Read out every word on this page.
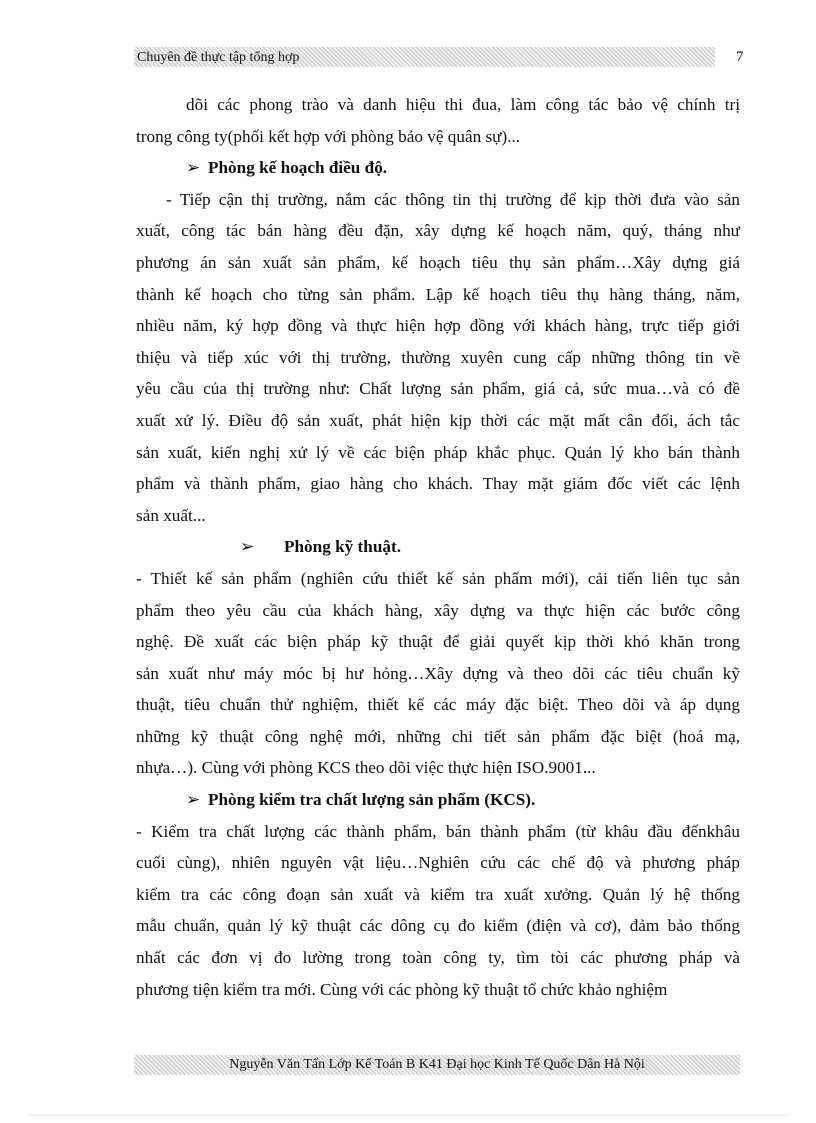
Chuyên đề thực tập tổng hợp	7

dõi các phong trào và danh hiệu thi đua, làm công tác bảo vệ chính trị

trong công ty(phối kết hợp với phòng bảo vệ quân sự)...

➢ Phòng kế hoạch điều độ.

- Tiếp cận thị trường, nắm các thông tin thị trường để kịp thời đưa vào sản

xuất, công tác bán hàng đều đặn, xây dựng kế hoạch năm, quý, tháng như

phương án sản xuất sản phẩm, kế hoạch tiêu thụ sản phẩm…Xây dựng giá

thành kế hoạch cho từng sản phẩm. Lập kế hoạch tiêu thụ hàng tháng, năm,

nhiều năm, ký hợp đồng và thực hiện hợp đồng với khách hàng, trực tiếp giới

thiệu và tiếp xúc với thị trường, thường xuyên cung cấp những thông tin về

yêu cầu của thị trường như: Chất lượng sản phẩm, giá cả, sức mua…và có đề

xuất xử lý. Điều độ sản xuất, phát hiện kịp thời các mặt mất cân đối, ách tắc

sản xuất, kiến nghị xử lý về các biện pháp khắc phục. Quản lý kho bán thành

phẩm và thành phẩm, giao hàng cho khách. Thay mặt giám đốc viết các lệnh

sản xuất...

➢ Phòng kỹ thuật.

- Thiết kế sản phẩm (nghiên cứu thiết kế sản phẩm mới), cải tiến liên tục sản

phẩm theo yêu cầu của khách hàng, xây dựng va thực hiện các bước công

nghệ. Đề xuất các biện pháp kỹ thuật để giải quyết kịp thời khó khăn trong

sản xuất như máy móc bị hư hỏng…Xây dựng và theo dõi các tiêu chuẩn kỹ

thuật, tiêu chuẩn thử nghiệm, thiết kế các máy đặc biệt. Theo dõi và áp dụng

những kỹ thuật công nghệ mới, những chi tiết sản phẩm đặc biệt (hoá mạ,

nhựa…). Cùng với phòng KCS theo dõi việc thực hiện ISO.9001...

➢ Phòng kiểm tra chất lượng sản phẩm (KCS).

- Kiểm tra chất lượng các thành phẩm, bán thành phẩm (từ khâu đầu đếnkhâu

cuối cùng), nhiên nguyên vật liệu…Nghiên cứu các chế độ và phương pháp

kiểm tra các công đoạn sản xuất và kiểm tra xuất xưởng. Quản lý hệ thống

mẫu chuẩn, quản lý kỹ thuật các dông cụ đo kiểm (điện và cơ), đảm bảo thống

nhất các đơn vị đo lường trong toàn công ty, tìm tòi các phương pháp và

phương tiện kiểm tra mới. Cùng với các phòng kỹ thuật tổ chức khảo nghiệm

Nguyễn Văn Tấn Lớp Kế Toán B K41 Đại học Kinh Tế Quốc Dân Hà Nội
